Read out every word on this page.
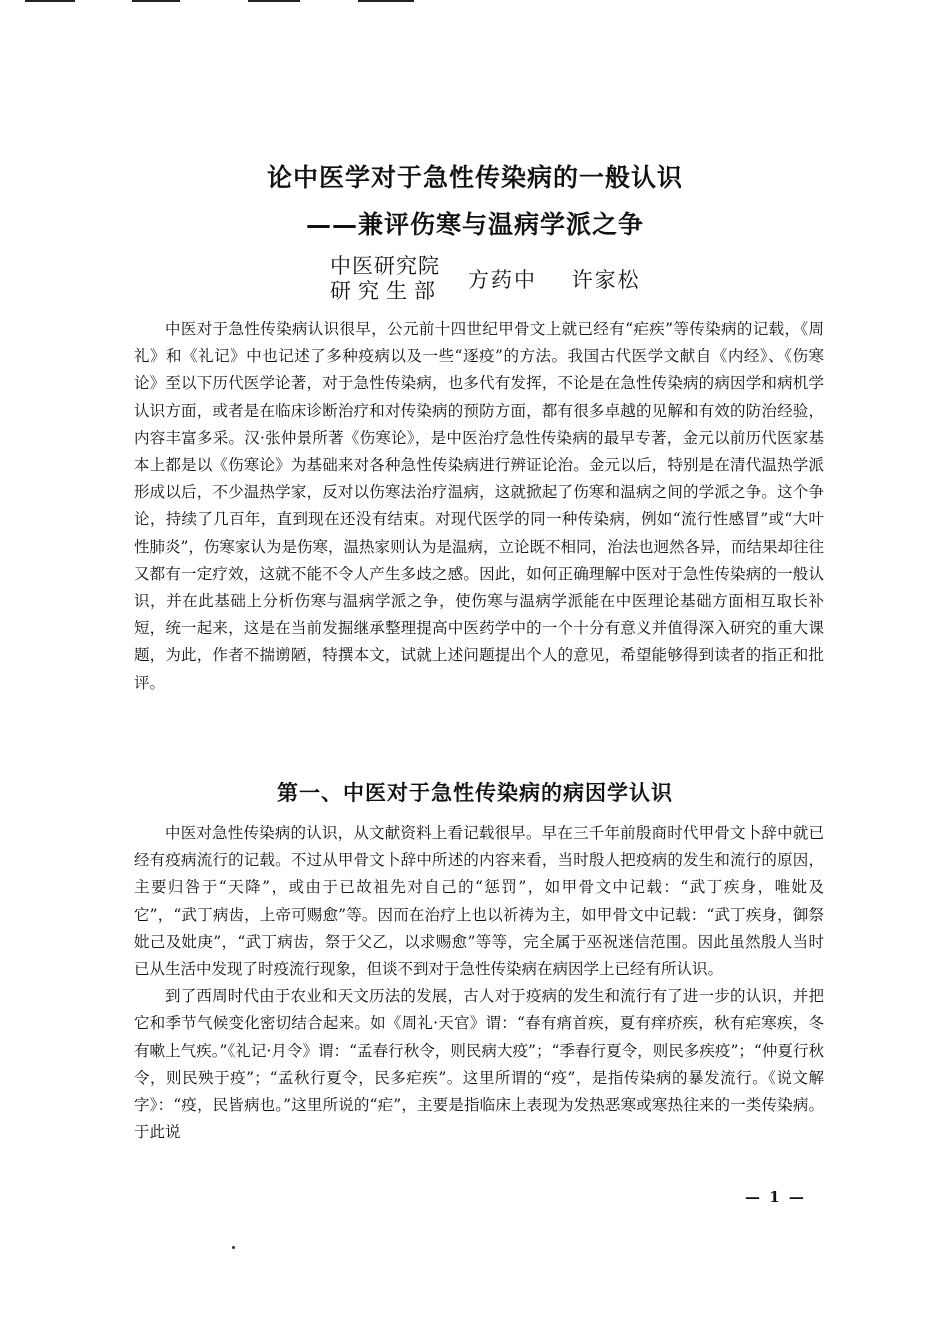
论中医学对于急性传染病的一般认识
——兼评伤寒与温病学派之争
中医研究院
研究生部 方药中 许家松

中医对于急性传染病认识很早，公元前十四世纪甲骨文上就已经有“疟疾”等传染病的记载，《周礼》和《礼记》中也记述了多种疫病以及一些“逐疫”的方法。我国古代医学文献自《内经》、《伤寒论》至以下历代医学论著，对于急性传染病，也多代有发挥，不论是在急性传染病的病因学和病机学认识方面，或者是在临床诊断治疗和对传染病的预防方面，都有很多卓越的见解和有效的防治经验，内容丰富多采。汉·张仲景所著《伤寒论》，是中医治疗急性传染病的最早专著，金元以前历代医家基本上都是以《伤寒论》为基础来对各种急性传染病进行辨证论治。金元以后，特别是在清代温热学派形成以后，不少温热学家，反对以伤寒法治疗温病，这就掀起了伤寒和温病之间的学派之争。这个争论，持续了几百年，直到现在还没有结束。对现代医学的同一种传染病，例如“流行性感冒”或“大叶性肺炎”，伤寒家认为是伤寒，温热家则认为是温病，立论既不相同，治法也迥然各异，而结果却往往又都有一定疗效，这就不能不令人产生多歧之感。因此，如何正确理解中医对于急性传染病的一般认识，并在此基础上分析伤寒与温病学派之争，使伤寒与温病学派能在中医理论基础方面相互取长补短，统一起来，这是在当前发掘继承整理提高中医药学中的一个十分有意义并值得深入研究的重大课题，为此，作者不揣谫陋，特撰本文，试就上述问题提出个人的意见，希望能够得到读者的指正和批评。

第一、中医对于急性传染病的病因学认识

中医对急性传染病的认识，从文献资料上看记载很早。早在三千年前殷商时代甲骨文卜辞中就已经有疫病流行的记载。不过从甲骨文卜辞中所述的内容来看，当时殷人把疫病的发生和流行的原因，主要归咎于“天降”，或由于已故祖先对自己的“惩罚”，如甲骨文中记载：“武丁疾身，唯妣及它”，“武丁病齿，上帝可赐愈”等。因而在治疗上也以祈祷为主，如甲骨文中记载：“武丁疾身，御祭妣己及妣庚”，“武丁病齿，祭于父乙，以求赐愈”等等，完全属于巫祝迷信范围。因此虽然殷人当时已从生活中发现了时疫流行现象，但谈不到对于急性传染病在病因学上已经有所认识。

到了西周时代由于农业和天文历法的发展，古人对于疫病的发生和流行有了进一步的认识，并把它和季节气候变化密切结合起来。如《周礼·天官》谓：“春有痟首疾，夏有痒疥疾，秋有疟寒疾，冬有嗽上气疾。”《礼记·月令》谓：“孟春行秋令，则民病大疫”；“季春行夏令，则民多疾疫”；“仲夏行秋令，则民殃于疫”；“孟秋行夏令，民多疟疾”。这里所谓的“疫”，是指传染病的暴发流行。《说文解字》：“疫，民皆病也。”这里所说的“疟”，主要是指临床上表现为发热恶寒或寒热往来的一类传染病。于此说

— 1 —
